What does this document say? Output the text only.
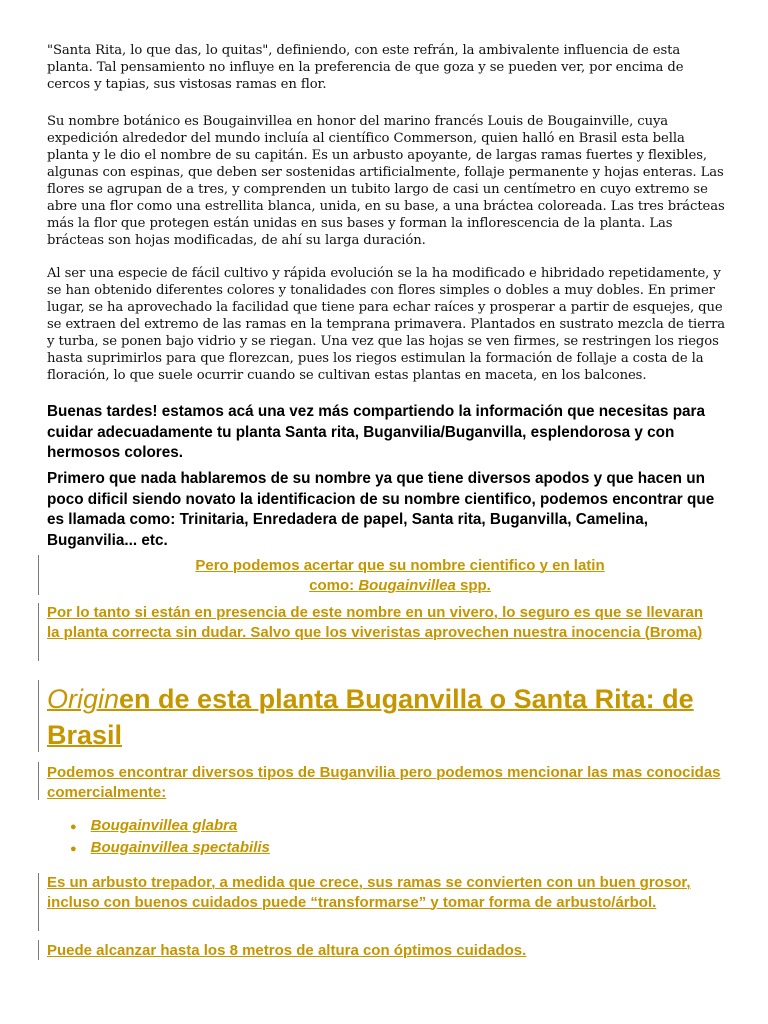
"Santa Rita, lo que das, lo quitas", definiendo, con este refrán, la ambivalente influencia de esta planta. Tal pensamiento no influye en la preferencia de que goza y se pueden ver, por encima de cercos y tapias, sus vistosas ramas en flor.

Su nombre botánico es Bougainvillea en honor del marino francés Louis de Bougainville, cuya expedición alrededor del mundo incluía al científico Commerson, quien halló en Brasil esta bella planta y le dio el nombre de su capitán. Es un arbusto apoyante, de largas ramas fuertes y flexibles, algunas con espinas, que deben ser sostenidas artificialmente, follaje permanente y hojas enteras. Las flores se agrupan de a tres, y comprenden un tubito largo de casi un centímetro en cuyo extremo se abre una flor como una estrellita blanca, unida, en su base, a una bráctea coloreada. Las tres brácteas más la flor que protegen están unidas en sus bases y forman la inflorescencia de la planta. Las brácteas son hojas modificadas, de ahí su larga duración.

Al ser una especie de fácil cultivo y rápida evolución se la ha modificado e hibridado repetidamente, y se han obtenido diferentes colores y tonalidades con flores simples o dobles a muy dobles. En primer lugar, se ha aprovechado la facilidad que tiene para echar raíces y prosperar a partir de esquejes, que se extraen del extremo de las ramas en la temprana primavera. Plantados en sustrato mezcla de tierra y turba, se ponen bajo vidrio y se riegan. Una vez que las hojas se ven firmes, se restringen los riegos hasta suprimirlos para que florezcan, pues los riegos estimulan la formación de follaje a costa de la floración, lo que suele ocurrir cuando se cultivan estas plantas en maceta, en los balcones.

Buenas tardes! estamos acá una vez más compartiendo la información que necesitas para cuidar adecuadamente tu planta Santa rita, Buganvilia/Buganvilla, esplendorosa y con hermosos colores.

Primero que nada hablaremos de su nombre ya que tiene diversos apodos y que hacen un poco dificil siendo novato la identificacion de su nombre cientifico, podemos encontrar que es llamada como: Trinitaria, Enredadera de papel, Santa rita, Buganvilla, Camelina, Buganvilia... etc.

Pero podemos acertar que su nombre cientifico y en latin
como: Bougainvillea spp.

Por lo tanto si están en presencia de este nombre en un vivero, lo seguro es que se llevaran la planta correcta sin dudar. Salvo que los viveristas aprovechen nuestra inocencia (Broma)

Originen de esta planta Buganvilla o Santa Rita: de Brasil

Podemos encontrar diversos tipos de Buganvilia pero podemos mencionar las mas conocidas comercialmente:

● Bougainvillea glabra
● Bougainvillea spectabilis

Es un arbusto trepador, a medida que crece, sus ramas se convierten con un buen grosor, incluso con buenos cuidados puede “transformarse” y tomar forma de arbusto/árbol.

Puede alcanzar hasta los 8 metros de altura con óptimos cuidados.
